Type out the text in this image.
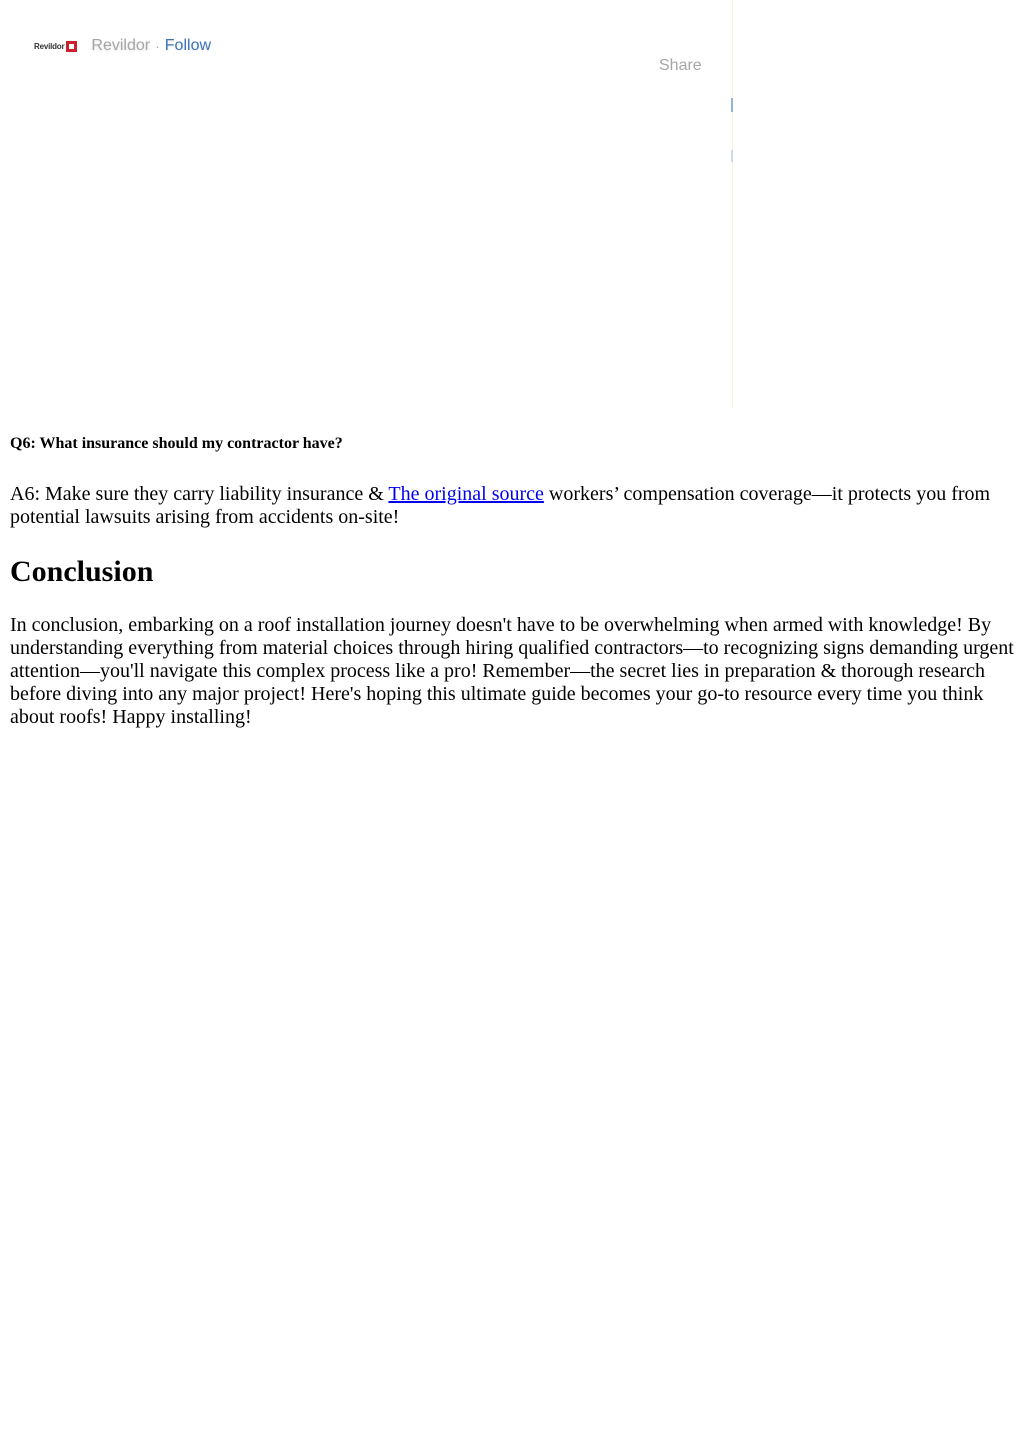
Revildor Revildor · Follow
Share

Q6: What insurance should my contractor have?

A6: Make sure they carry liability insurance & The original source workers’ compensation coverage—it protects you from potential lawsuits arising from accidents on-site!

Conclusion

In conclusion, embarking on a roof installation journey doesn't have to be overwhelming when armed with knowledge! By understanding everything from material choices through hiring qualified contractors—to recognizing signs demanding urgent attention—you'll navigate this complex process like a pro! Remember—the secret lies in preparation & thorough research before diving into any major project! Here's hoping this ultimate guide becomes your go-to resource every time you think about roofs! Happy installing!
